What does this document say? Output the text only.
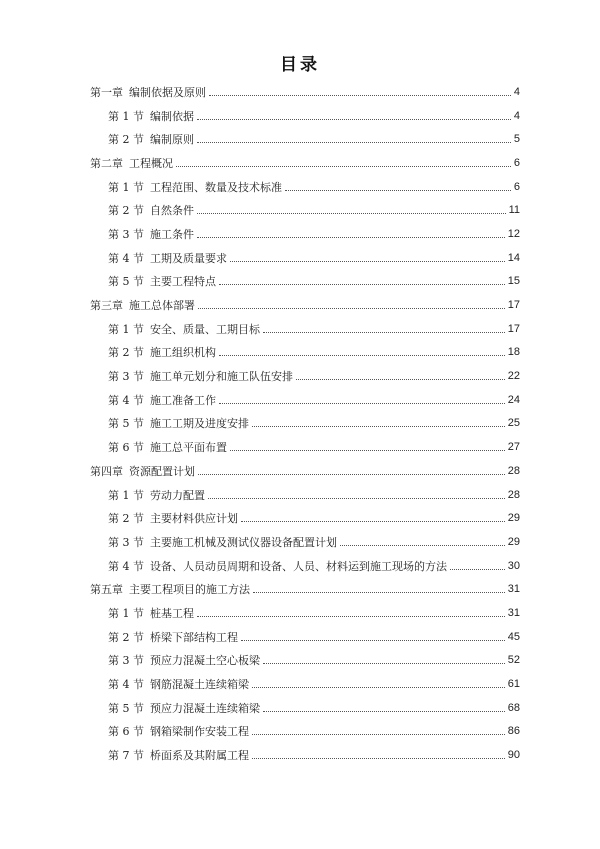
目录
第一章 编制依据及原则	4
第 1 节 编制依据	4
第 2 节 编制原则	5
第二章 工程概况	6
第 1 节 工程范围、数量及技术标准	6
第 2 节 自然条件	11
第 3 节 施工条件	12
第 4 节 工期及质量要求	14
第 5 节 主要工程特点	15
第三章 施工总体部署	17
第 1 节 安全、质量、工期目标	17
第 2 节 施工组织机构	18
第 3 节 施工单元划分和施工队伍安排	22
第 4 节 施工准备工作	24
第 5 节 施工工期及进度安排	25
第 6 节 施工总平面布置	27
第四章 资源配置计划	28
第 1 节 劳动力配置	28
第 2 节 主要材料供应计划	29
第 3 节 主要施工机械及测试仪器设备配置计划	29
第 4 节 设备、人员动员周期和设备、人员、材料运到施工现场的方法	30
第五章 主要工程项目的施工方法	31
第 1 节 桩基工程	31
第 2 节 桥梁下部结构工程	45
第 3 节 预应力混凝土空心板梁	52
第 4 节 钢筋混凝土连续箱梁	61
第 5 节 预应力混凝土连续箱梁	68
第 6 节 钢箱梁制作安装工程	86
第 7 节 桥面系及其附属工程	90
